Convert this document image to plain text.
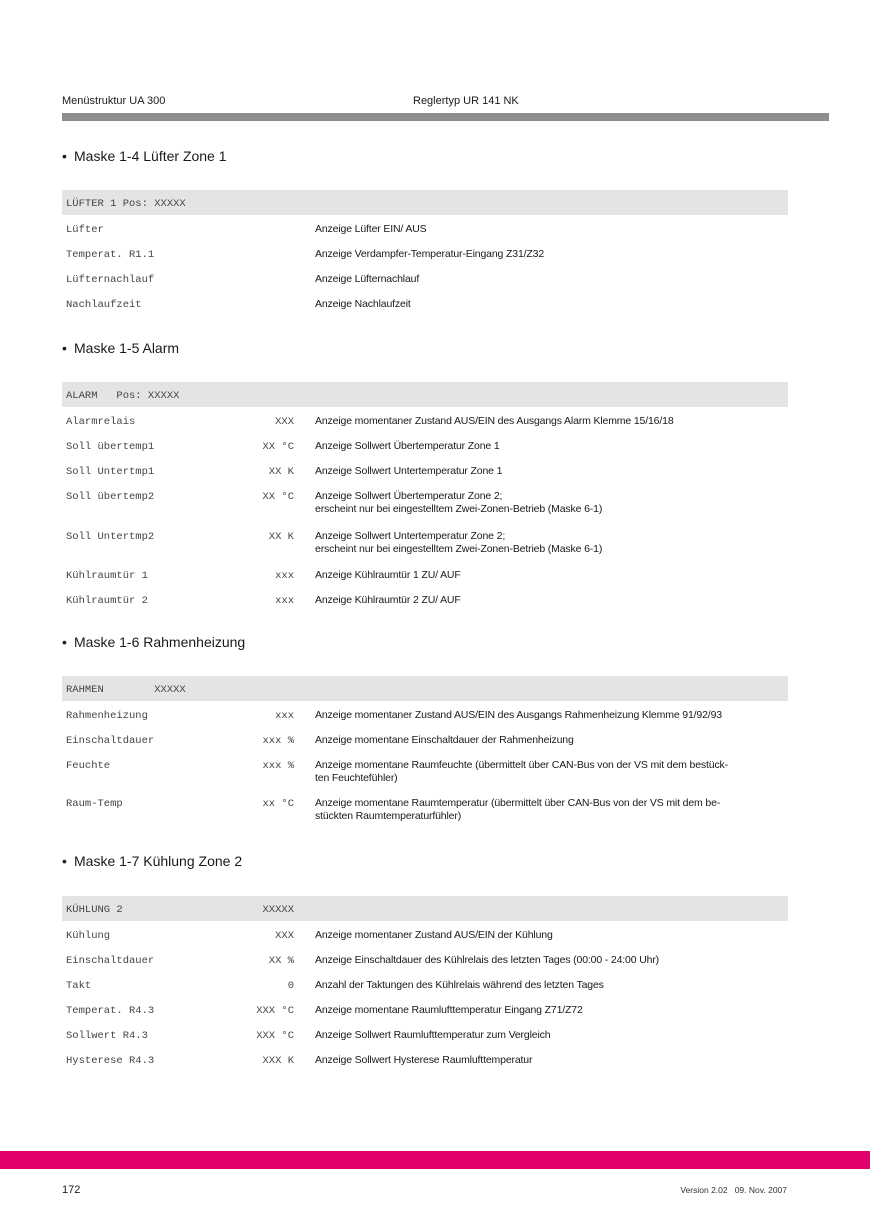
Menüstruktur UA 300	Reglertyp UR 141 NK
• Maske 1-4 Lüfter Zone 1
LÜFTER 1 Pos: XXXXX
Lüfter	Anzeige Lüfter EIN/ AUS
Temperat. R1.1	Anzeige Verdampfer-Temperatur-Eingang Z31/Z32
Lüfternachlauf	Anzeige Lüfternachlauf
Nachlaufzeit	Anzeige Nachlaufzeit
• Maske 1-5 Alarm
ALARM   Pos: XXXXX
Alarmrelais	XXX Anzeige momentaner Zustand AUS/EIN des Ausgangs Alarm Klemme 15/16/18
Soll übertemp1	XX °C Anzeige Sollwert Übertemperatur Zone 1
Soll Untertmp1	XX K Anzeige Sollwert Untertemperatur Zone 1
Soll übertemp2	XX °C Anzeige Sollwert Übertemperatur Zone 2;
erscheint nur bei eingestelltem Zwei-Zonen-Betrieb (Maske 6-1)
Soll Untertmp2	XX K Anzeige Sollwert Untertemperatur Zone 2;
erscheint nur bei eingestelltem Zwei-Zonen-Betrieb (Maske 6-1)
Kühlraumtür 1	xxx Anzeige Kühlraumtür 1 ZU/ AUF
Kühlraumtür 2	xxx Anzeige Kühlraumtür 2 ZU/ AUF
• Maske 1-6 Rahmenheizung
RAHMEN        XXXXX
Rahmenheizung	xxx Anzeige momentaner Zustand AUS/EIN des Ausgangs Rahmenheizung Klemme 91/92/93
Einschaltdauer	xxx % Anzeige momentane Einschaltdauer der Rahmenheizung
Feuchte	xxx % Anzeige momentane Raumfeuchte (übermittelt über CAN-Bus von der VS mit dem bestück-
ten Feuchtefühler)
Raum-Temp	xx °C Anzeige momentane Raumtemperatur (übermittelt über CAN-Bus von der VS mit dem be-
stückten Raumtemperaturfühler)
• Maske 1-7 Kühlung Zone 2
KÜHLUNG 2	XXXXX
Kühlung	XXX Anzeige momentaner Zustand AUS/EIN der Kühlung
Einschaltdauer	XX % Anzeige Einschaltdauer des Kühlrelais des letzten Tages (00:00 - 24:00 Uhr)
Takt	0 Anzahl der Taktungen des Kühlrelais während des letzten Tages
Temperat. R4.3	XXX °C Anzeige momentane Raumlufttemperatur Eingang Z71/Z72
Sollwert R4.3	XXX °C Anzeige Sollwert Raumlufttemperatur zum Vergleich
Hysterese R4.3	XXX K Anzeige Sollwert Hysterese Raumlufttemperatur
172	Version 2.02   09. Nov. 2007
